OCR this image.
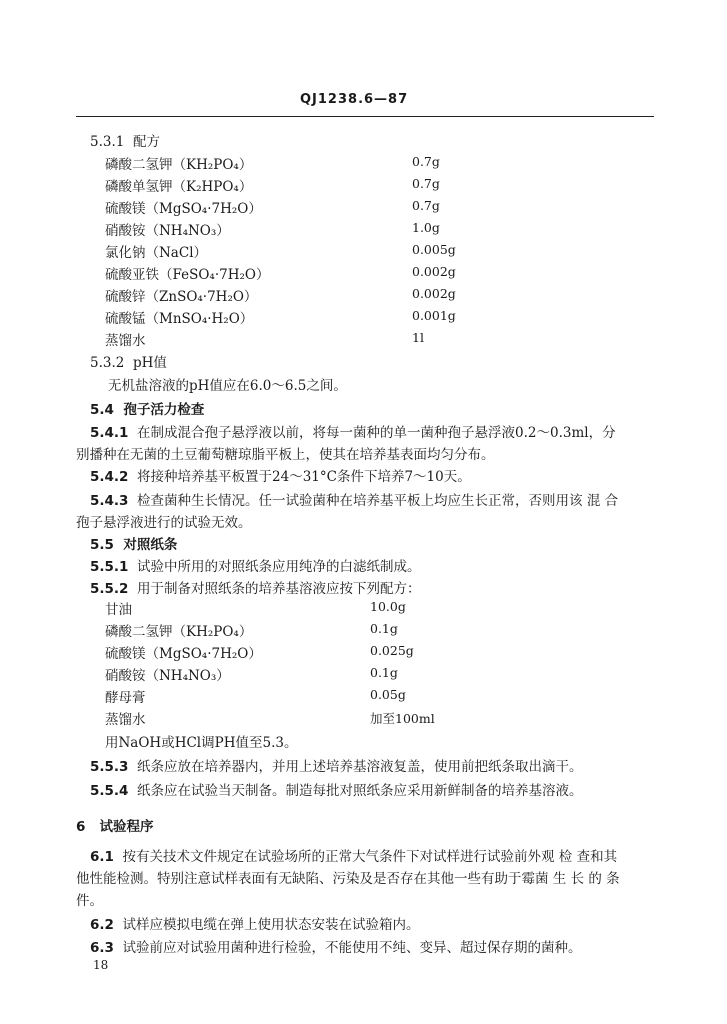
QJ1238.6—87
5.3.1 配方
磷酸二氢钾（KH₂PO₄）	0.7g
磷酸单氢钾（K₂HPO₄）	0.7g
硫酸镁（MgSO₄·7H₂O）	0.7g
硝酸铵（NH₄NO₃）	1.0g
氯化钠（NaCl）	0.005g
硫酸亚铁（FeSO₄·7H₂O）	0.002g
硫酸锌（ZnSO₄·7H₂O）	0.002g
硫酸锰（MnSO₄·H₂O）	0.001g
蒸馏水	1l
5.3.2 pH值
无机盐溶液的pH值应在6.0～6.5之间。
5.4 孢子活力检查
5.4.1 在制成混合孢子悬浮液以前，将每一菌种的单一菌种孢子悬浮液0.2～0.3ml，分
别播种在无菌的土豆葡萄糖琼脂平板上，使其在培养基表面均匀分布。
5.4.2 将接种培养基平板置于24～31°C条件下培养7～10天。
5.4.3 检查菌种生长情况。任一试验菌种在培养基平板上均应生长正常，否则用该 混 合
孢子悬浮液进行的试验无效。
5.5 对照纸条
5.5.1 试验中所用的对照纸条应用纯净的白滤纸制成。
5.5.2 用于制备对照纸条的培养基溶液应按下列配方：
甘油	10.0g
磷酸二氢钾（KH₂PO₄）	0.1g
硫酸镁（MgSO₄·7H₂O）	0.025g
硝酸铵（NH₄NO₃）	0.1g
酵母膏	0.05g
蒸馏水	加至100ml
用NaOH或HCl调PH值至5.3。
5.5.3 纸条应放在培养器内，并用上述培养基溶液复盖，使用前把纸条取出滴干。
5.5.4 纸条应在试验当天制备。制造每批对照纸条应采用新鲜制备的培养基溶液。
6 试验程序
6.1 按有关技术文件规定在试验场所的正常大气条件下对试样进行试验前外观 检 查和其
他性能检测。特别注意试样表面有无缺陷、污染及是否存在其他一些有助于霉菌 生 长 的 条
件。
6.2 试样应模拟电缆在弹上使用状态安装在试验箱内。
6.3 试验前应对试验用菌种进行检验，不能使用不纯、变异、超过保存期的菌种。
18
